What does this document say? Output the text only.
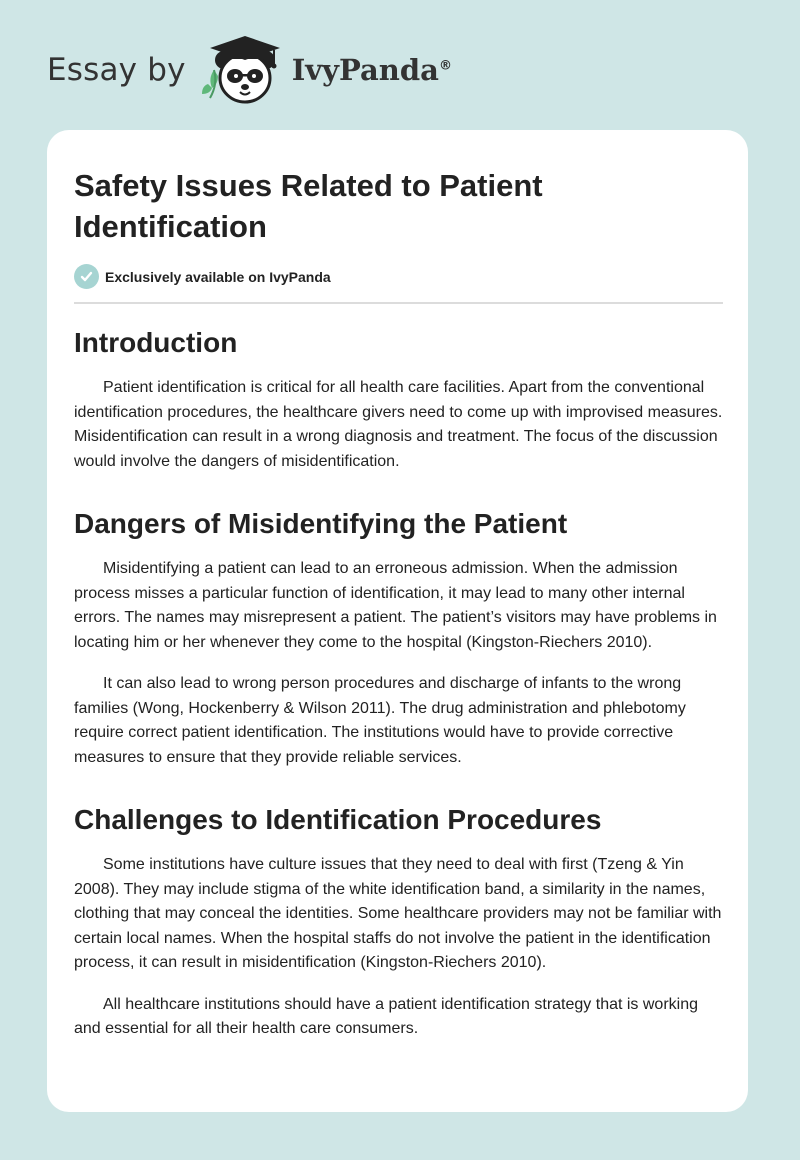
Essay by	IvyPanda®
Safety Issues Related to Patient Identification
Exclusively available on IvyPanda
Introduction

Patient identification is critical for all health care facilities. Apart from the conventional identification procedures, the healthcare givers need to come up with improvised measures. Misidentification can result in a wrong diagnosis and treatment. The focus of the discussion would involve the dangers of misidentification.

Dangers of Misidentifying the Patient

Misidentifying a patient can lead to an erroneous admission. When the admission process misses a particular function of identification, it may lead to many other internal errors. The names may misrepresent a patient. The patient’s visitors may have problems in locating him or her whenever they come to the hospital (Kingston-Riechers 2010).

It can also lead to wrong person procedures and discharge of infants to the wrong families (Wong, Hockenberry & Wilson 2011). The drug administration and phlebotomy require correct patient identification. The institutions would have to provide corrective measures to ensure that they provide reliable services.

Challenges to Identification Procedures

Some institutions have culture issues that they need to deal with first (Tzeng & Yin 2008). They may include stigma of the white identification band, a similarity in the names, clothing that may conceal the identities. Some healthcare providers may not be familiar with certain local names. When the hospital staffs do not involve the patient in the identification process, it can result in misidentification (Kingston-Riechers 2010).

All healthcare institutions should have a patient identification strategy that is working and essential for all their health care consumers.
